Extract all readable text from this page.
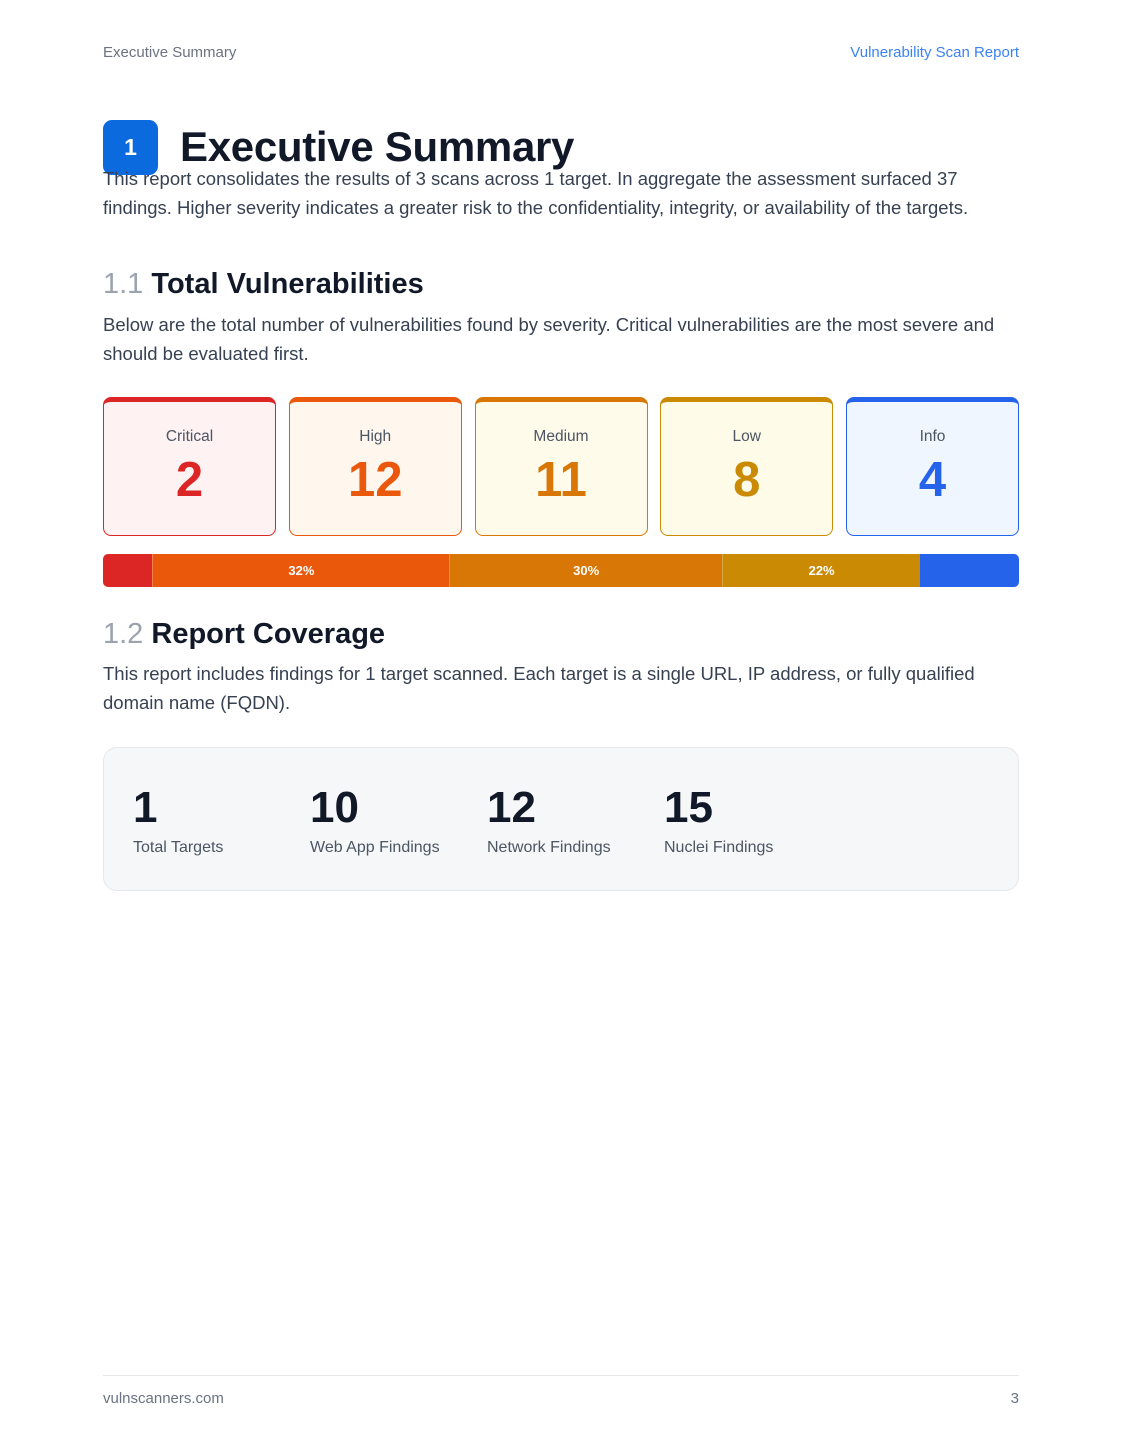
Executive Summary	Vulnerability Scan Report
1	Executive Summary

This report consolidates the results of 3 scans across 1 target. In aggregate the assessment surfaced 37 findings. Higher severity indicates a greater risk to the confidentiality, integrity, or availability of the targets.

1.1 Total Vulnerabilities

Below are the total number of vulnerabilities found by severity. Critical vulnerabilities are the most severe and should be evaluated first.

Critical
2
High
12
Medium
11
Low
8
Info
4
32%	30%	22%
1.2 Report Coverage

This report includes findings for 1 target scanned. Each target is a single URL, IP address, or fully qualified domain name (FQDN).

1
Total Targets
10
Web App Findings
12
Network Findings
15
Nuclei Findings
vulnscanners.com	3
